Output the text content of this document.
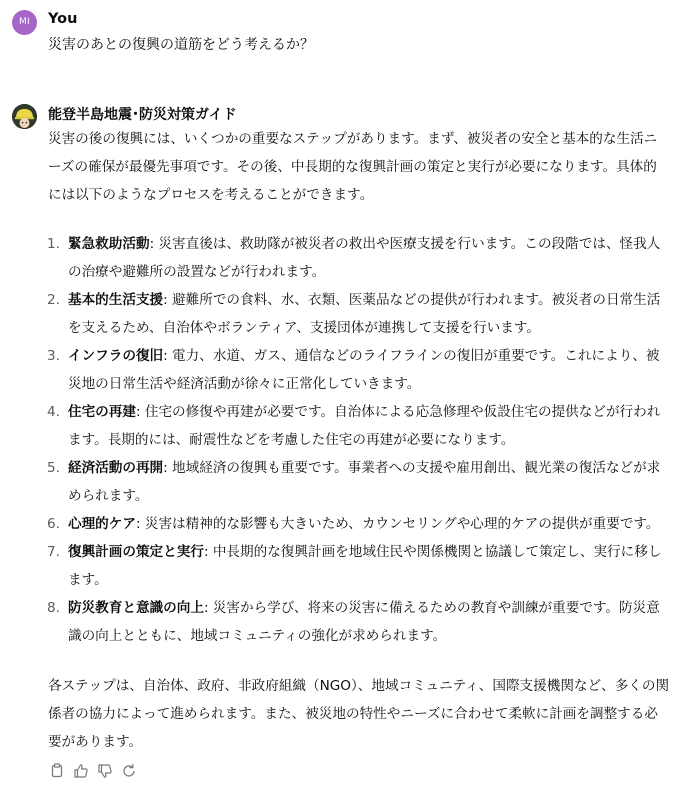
MI	You
災害のあとの復興の道筋をどう考えるか？
能登半島地震･防災対策ガイド
災害の後の復興には、いくつかの重要なステップがあります。まず、被災者の安全と基本的な生活ニーズの確保が最優先事項です。その後、中長期的な復興計画の策定と実行が必要になります。具体的には以下のようなプロセスを考えることができます。
1. 緊急救助活動: 災害直後は、救助隊が被災者の救出や医療支援を行います。この段階では、怪我人の治療や避難所の設置などが行われます。
2. 基本的生活支援: 避難所での食料、水、衣類、医薬品などの提供が行われます。被災者の日常生活を支えるため、自治体やボランティア、支援団体が連携して支援を行います。
3. インフラの復旧: 電力、水道、ガス、通信などのライフラインの復旧が重要です。これにより、被災地の日常生活や経済活動が徐々に正常化していきます。
4. 住宅の再建: 住宅の修復や再建が必要です。自治体による応急修理や仮設住宅の提供などが行われます。長期的には、耐震性などを考慮した住宅の再建が必要になります。
5. 経済活動の再開: 地域経済の復興も重要です。事業者への支援や雇用創出、観光業の復活などが求められます。
6. 心理的ケア: 災害は精神的な影響も大きいため、カウンセリングや心理的ケアの提供が重要です。
7. 復興計画の策定と実行: 中長期的な復興計画を地域住民や関係機関と協議して策定し、実行に移します。
8. 防災教育と意識の向上: 災害から学び、将来の災害に備えるための教育や訓練が重要です。防災意識の向上とともに、地域コミュニティの強化が求められます。
各ステップは、自治体、政府、非政府組織（NGO）、地域コミュニティ、国際支援機関など、多くの関係者の協力によって進められます。また、被災地の特性やニーズに合わせて柔軟に計画を調整する必要があります。
